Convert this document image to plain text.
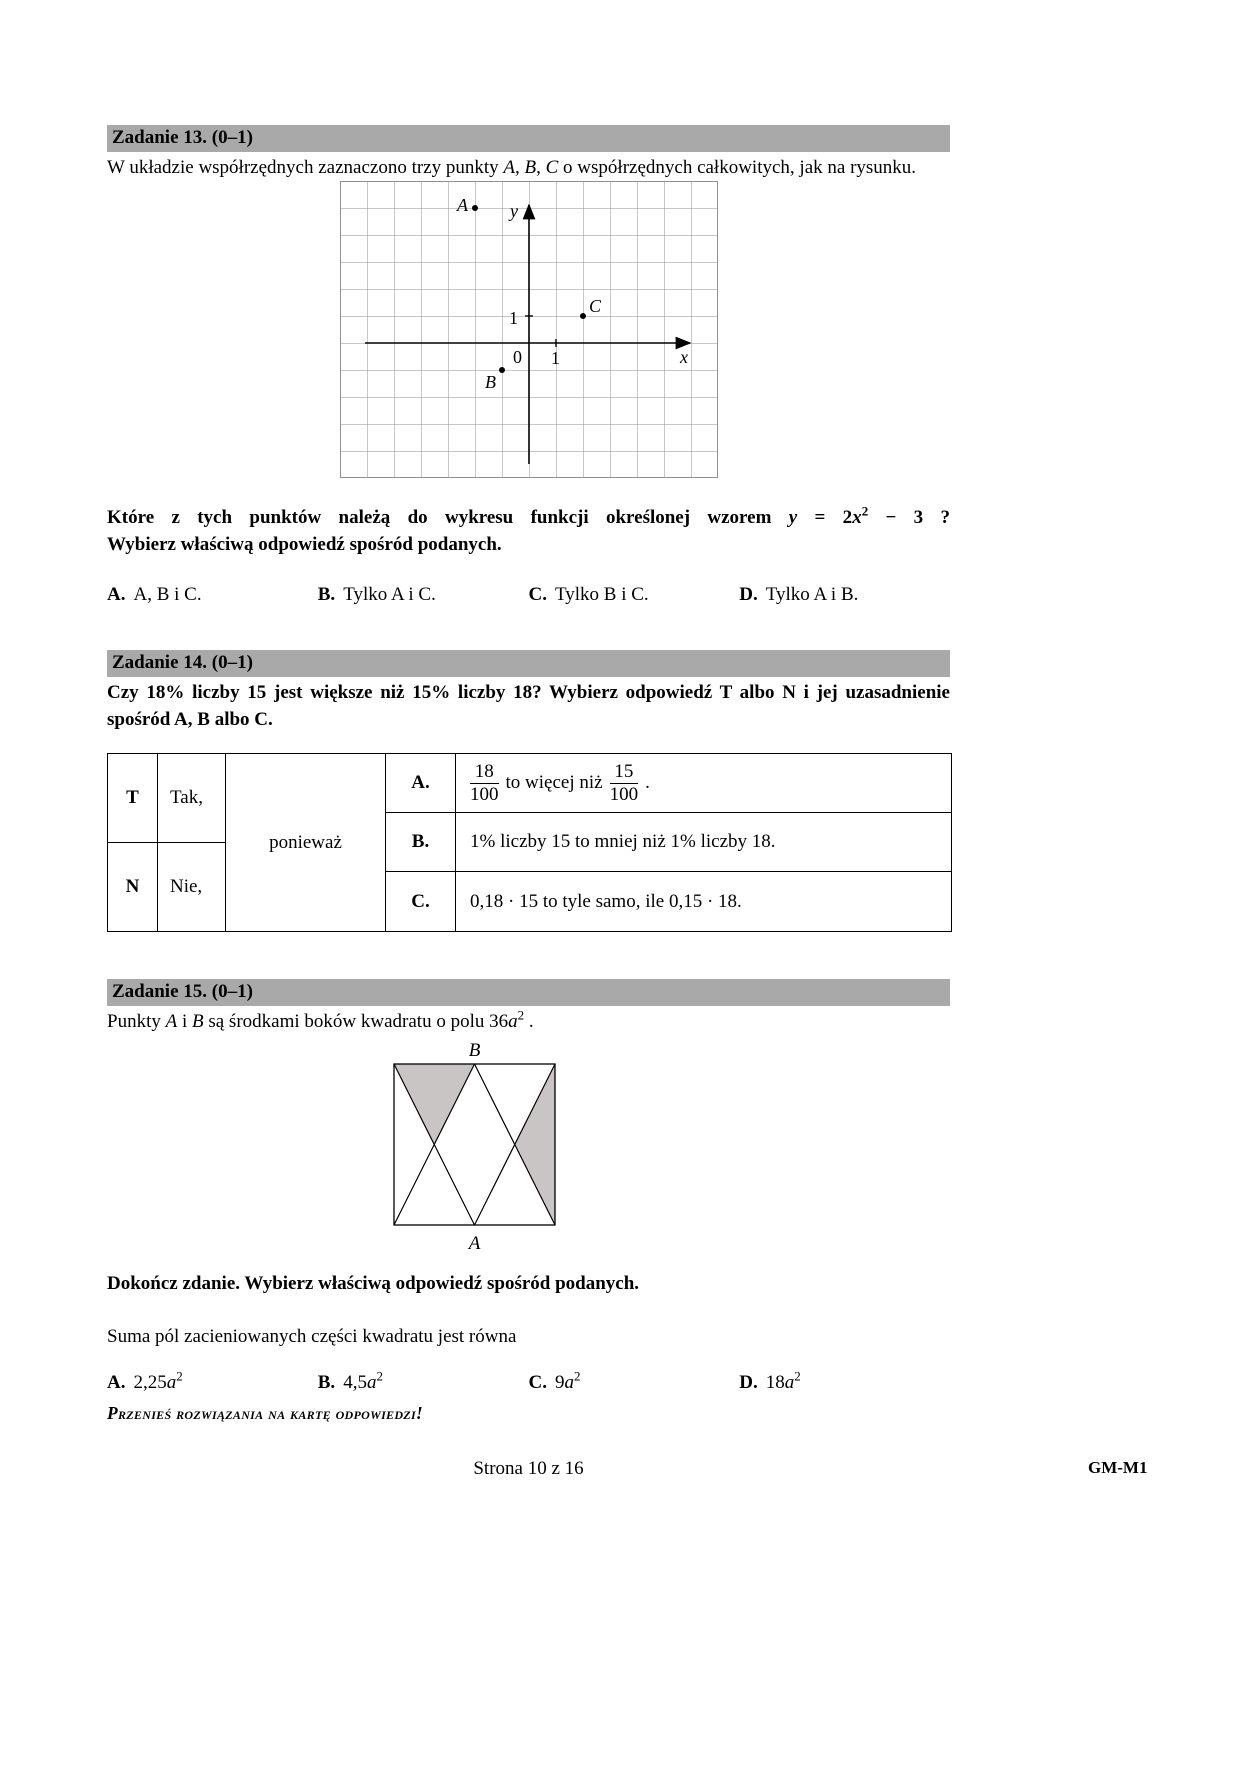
Zadanie 13. (0–1)

W układzie współrzędnych zaznaczono trzy punkty A, B, C o współrzędnych całkowitych, jak na rysunku.

A
B
C
1
0 1
y
x

Które z tych punktów należą do wykresu funkcji określonej wzorem $y = 2x^2 - 3$ ?

Wybierz właściwą odpowiedź spośród podanych.

A. A, B i C.	B. Tylko A i C.	C. Tylko B i C.	D. Tylko A i B.
Zadanie 14. (0–1)

Czy 18% liczby 15 jest większe niż 15% liczby 18? Wybierz odpowiedź T albo N i jej uzasadnienie spośród A, B albo C.

T	Tak,
N	Nie,
ponieważ
A.	$\frac{18}{100}$ to więcej niż $\frac{15}{100}$ .
B.	1% liczby 15 to mniej niż 1% liczby 18.
C.	0,18 · 15 to tyle samo, ile 0,15 · 18.
Zadanie 15. (0–1)

Punkty A i B są środkami boków kwadratu o polu $36a^2$ .

B
A

Dokończ zdanie. Wybierz właściwą odpowiedź spośród podanych.

Suma pól zacieniowanych części kwadratu jest równa

A. $2,25a^2$	B. $4,5a^2$	C. $9a^2$	D. $18a^2$
Przenieś rozwiązania na kartę odpowiedzi!
Strona 10 z 16	GM-M1
